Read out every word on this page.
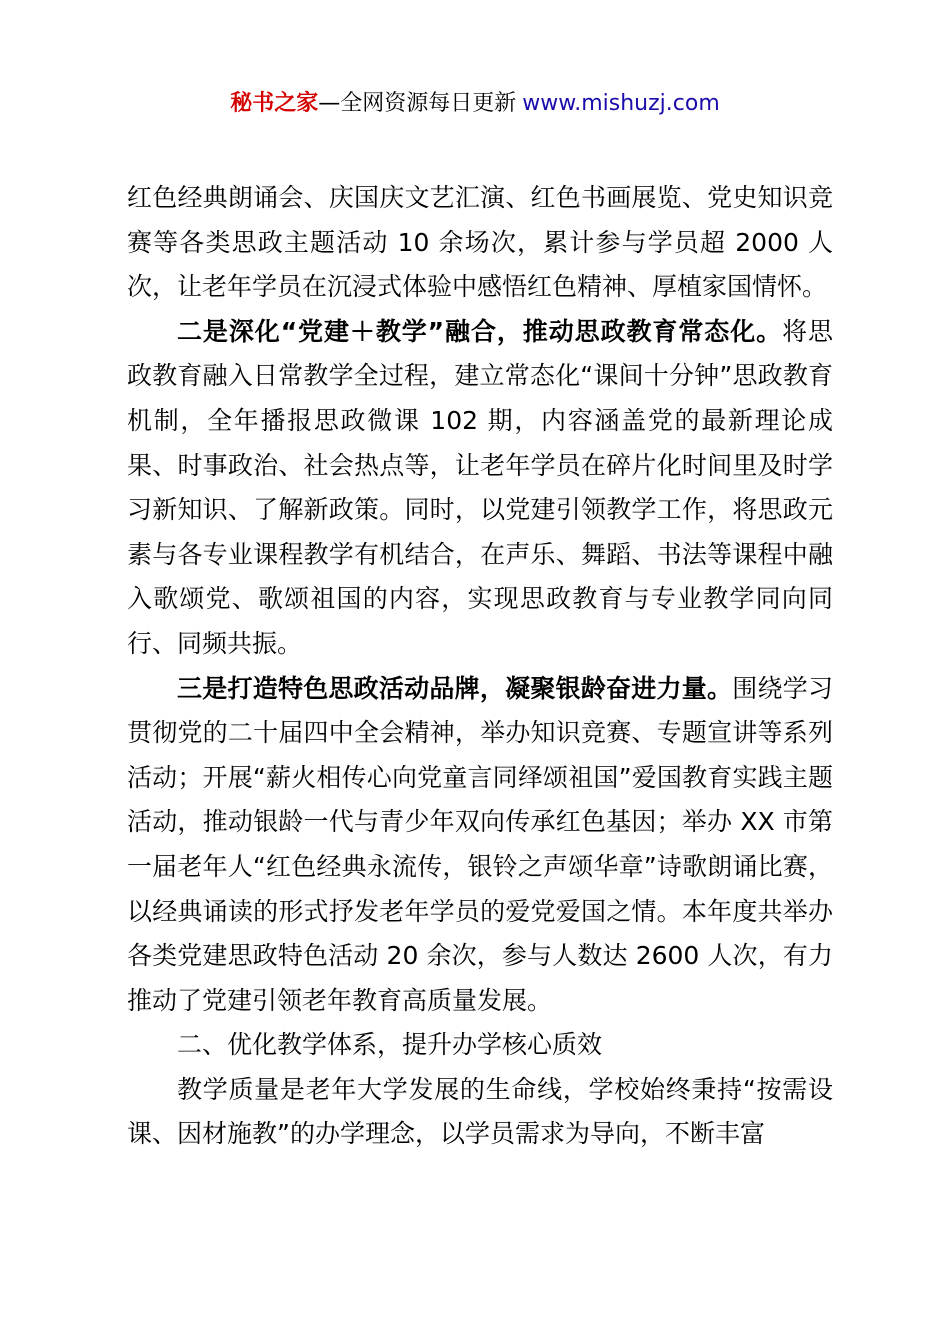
秘书之家—全网资源每日更新 www.mishuzj.com

红色经典朗诵会、庆国庆文艺汇演、红色书画展览、党史知识竞赛等各类思政主题活动 10 余场次，累计参与学员超 2000 人次，让老年学员在沉浸式体验中感悟红色精神、厚植家国情怀。

二是深化“党建＋教学”融合，推动思政教育常态化。将思政教育融入日常教学全过程，建立常态化“课间十分钟”思政教育机制，全年播报思政微课 102 期，内容涵盖党的最新理论成果、时事政治、社会热点等，让老年学员在碎片化时间里及时学习新知识、了解新政策。同时，以党建引领教学工作，将思政元素与各专业课程教学有机结合，在声乐、舞蹈、书法等课程中融入歌颂党、歌颂祖国的内容，实现思政教育与专业教学同向同行、同频共振。

三是打造特色思政活动品牌，凝聚银龄奋进力量。围绕学习贯彻党的二十届四中全会精神，举办知识竞赛、专题宣讲等系列活动；开展“薪火相传心向党童言同绎颂祖国”爱国教育实践主题活动，推动银龄一代与青少年双向传承红色基因；举办 XX 市第一届老年人“红色经典永流传，银铃之声颂华章”诗歌朗诵比赛，以经典诵读的形式抒发老年学员的爱党爱国之情。本年度共举办各类党建思政特色活动 20 余次，参与人数达 2600 人次，有力推动了党建引领老年教育高质量发展。

二、优化教学体系，提升办学核心质效

教学质量是老年大学发展的生命线，学校始终秉持“按需设课、因材施教”的办学理念，以学员需求为导向，不断丰富
